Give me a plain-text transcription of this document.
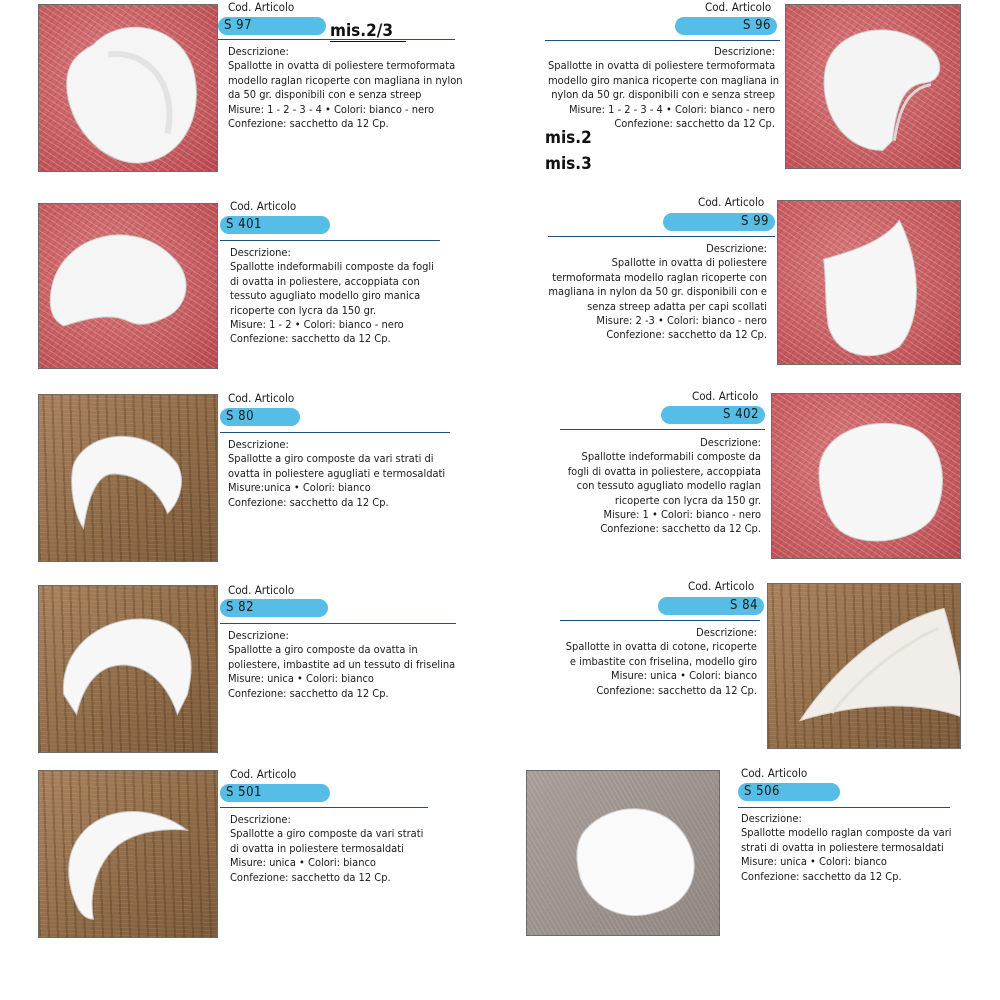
Cod. Articolo
S 97
Descrizione:
Spallotte in ovatta di poliestere termoformata
modello raglan ricoperte con magliana in nylon
da 50 gr. disponibili con e senza streep
Misure: 1 - 2 - 3 - 4 • Colori: bianco - nero
Confezione: sacchetto da 12 Cp.
Cod. Articolo
S 96
Descrizione:
Spallotte in ovatta di poliestere termoformata
modello giro manica ricoperte con magliana in
nylon da 50 gr. disponibili con e senza streep
Misure: 1 - 2 - 3 - 4 • Colori: bianco - nero
Confezione: sacchetto da 12 Cp.
Cod. Articolo
S 401
Descrizione:
Spallotte indeformabili composte da fogli
di ovatta in poliestere, accoppiata con
tessuto agugliato modello giro manica
ricoperte con lycra da 150 gr.
Misure: 1 - 2 • Colori: bianco - nero
Confezione: sacchetto da 12 Cp.
Cod. Articolo
S 99
Descrizione:
Spallotte in ovatta di poliestere
termoformata modello raglan ricoperte con
magliana in nylon da 50 gr. disponibili con e
senza streep adatta per capi scollati
Misure: 2 -3 • Colori: bianco - nero
Confezione: sacchetto da 12 Cp.
Cod. Articolo
S 80
Descrizione:
Spallotte a giro composte da vari strati di
ovatta in poliestere agugliati e termosaldati
Misure:unica • Colori: bianco
Confezione: sacchetto da 12 Cp.
Cod. Articolo
S 402
Descrizione:
Spallotte indeformabili composte da
fogli di ovatta in poliestere, accoppiata
con tessuto agugliato modello raglan
ricoperte con lycra da 150 gr.
Misure: 1 • Colori: bianco - nero
Confezione: sacchetto da 12 Cp.
Cod. Articolo
S 82
Descrizione:
Spallotte a giro composte da ovatta in
poliestere, imbastite ad un tessuto di friselina
Misure: unica • Colori: bianco
Confezione: sacchetto da 12 Cp.
Cod. Articolo
S 84
Descrizione:
Spallotte in ovatta di cotone, ricoperte
e imbastite con friselina, modello giro
Misure: unica • Colori: bianco
Confezione: sacchetto da 12 Cp.
Cod. Articolo
S 501
Descrizione:
Spallotte a giro composte da vari strati
di ovatta in poliestere termosaldati
Misure: unica • Colori: bianco
Confezione: sacchetto da 12 Cp.
Cod. Articolo
S 506
Descrizione:
Spallotte modello raglan composte da vari
strati di ovatta in poliestere termosaldati
Misure: unica • Colori: bianco
Confezione: sacchetto da 12 Cp.
mis.2/3
mis.2
mis.3
